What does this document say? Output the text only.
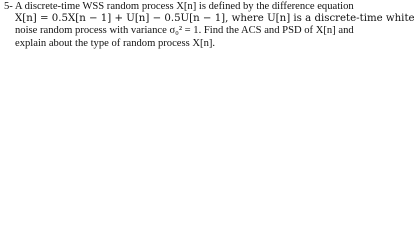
5- A discrete-time WSS random process X[n] is defined by the difference equation
X[n] = 0.5X[n − 1] + U[n] − 0.5U[n − 1], where U[n] is a discrete-time white
noise random process with variance σ₀² = 1. Find the ACS and PSD of X[n] and
explain about the type of random process X[n].
